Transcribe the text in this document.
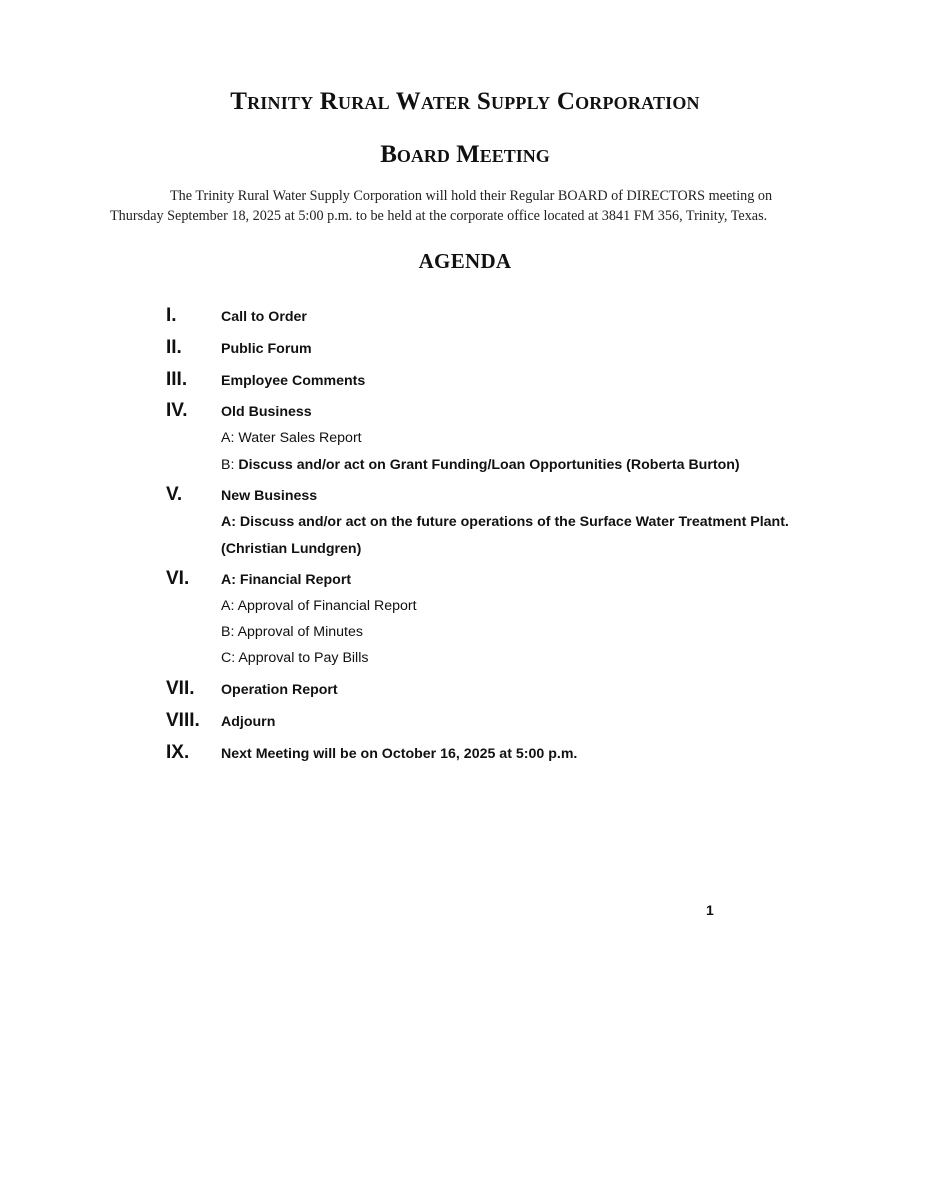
Trinity Rural Water Supply Corporation
Board Meeting

The Trinity Rural Water Supply Corporation will hold their Regular BOARD of DIRECTORS meeting on
Thursday September 18, 2025 at 5:00 p.m. to be held at the corporate office located at 3841 FM 356, Trinity, Texas.

AGENDA
I.	Call to Order
II.	Public Forum
III. Employee Comments
IV. Old Business
A: Water Sales Report
B: Discuss and/or act on Grant Funding/Loan Opportunities (Roberta Burton)
V.	New Business
A: Discuss and/or act on the future operations of the Surface Water Treatment Plant.
(Christian Lundgren)
VI. A: Financial Report
A: Approval of Financial Report
B: Approval of Minutes
C: Approval to Pay Bills
VII. Operation Report
VIII. Adjourn
IX. Next Meeting will be on October 16, 2025 at 5:00 p.m.
1
